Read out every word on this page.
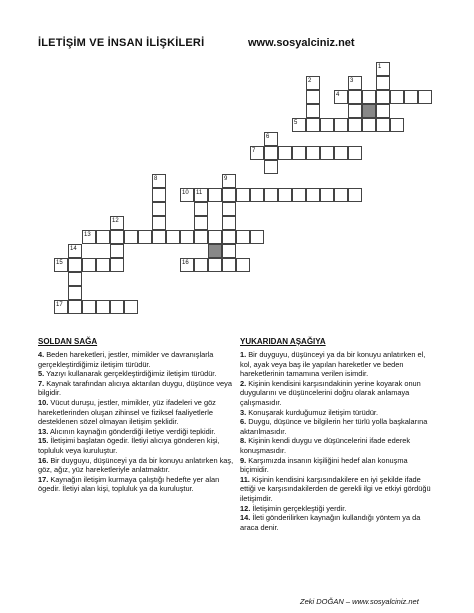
İLETİŞİM VE İNSAN İLİŞKİLERİ	www.sosyalciniz.net
1
2	3
4
5
6
7
8	9
10 11
12
13
14
15	16
17
SOLDAN SAĞA	YUKARIDAN AŞAĞIYA

4. Beden hareketleri, jestler, mimikler ve davranışlarla gerçekleştirdiğimiz iletişim türüdür.

5. Yazıyı kullanarak gerçekleştirdiğimiz iletişim türüdür.

7. Kaynak tarafından alıcıya aktarılan duygu, düşünce veya bilgidir.

10. Vücut duruşu, jestler, mimikler, yüz ifadeleri ve göz hareketlerinden oluşan zihinsel ve fiziksel faaliyetlerle desteklenen sözel olmayan iletişim şeklidir.

13. Alıcının kaynağın gönderdiği iletiye verdiği tepkidir.

15. İletişimi başlatan ögedir. İletiyi alıcıya gönderen kişi, topluluk veya kuruluştur.

16. Bir duyguyu, düşünceyi ya da bir konuyu anlatırken kaş, göz, ağız, yüz hareketleriyle anlatmaktır.

17. Kaynağın iletişim kurmaya çalıştığı hedefte yer alan ögedir. İletiyi alan kişi, topluluk ya da kuruluştur.

1. Bir duyguyu, düşünceyi ya da bir konuyu anlatırken el, kol, ayak veya baş ile yapılan hareketler ve beden hareketlerinin tamamına verilen isimdir.

2. Kişinin kendisini karşısındakinin yerine koyarak onun duygularını ve düşüncelerini doğru olarak anlamaya çalışmasıdır.

3. Konuşarak kurduğumuz iletişim türüdür.

6. Duygu, düşünce ve bilgilerin her türlü yolla başkalarına aktarılmasıdır.

8. Kişinin kendi duygu ve düşüncelerini ifade ederek konuşmasıdır.

9. Karşımızda insanın kişiliğini hedef alan konuşma biçimidir.

11. Kişinin kendisini karşısındakilere en iyi şekilde ifade ettiği ve karşısındakilerden de gerekli ilgi ve etkiyi gördüğü iletişimdir.

12. İletişimin gerçekleştiği yerdir.

14. İleti gönderilirken kaynağın kullandığı yöntem ya da araca denir.

Zeki DOĞAN – www.sosyalciniz.net
